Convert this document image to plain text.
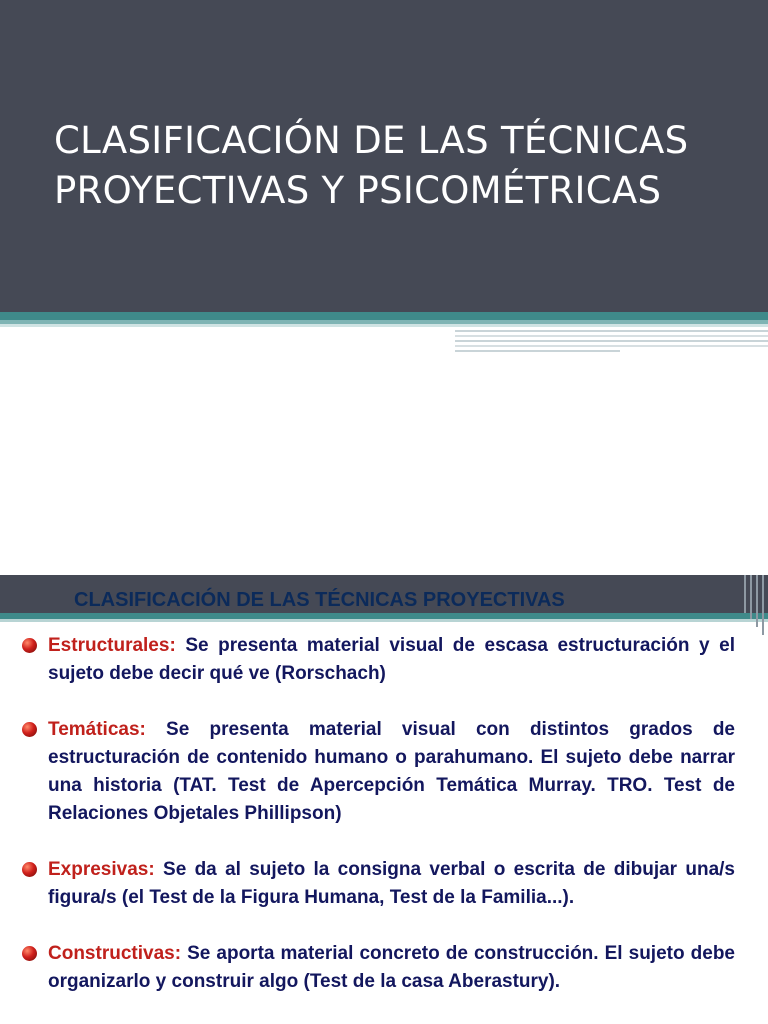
CLASIFICACIÓN DE LAS TÉCNICAS
PROYECTIVAS Y PSICOMÉTRICAS
CLASIFICACIÓN DE LAS TÉCNICAS PROYECTIVAS
Estructurales: Se presenta material visual de escasa estructuración y el sujeto debe decir qué ve (Rorschach)
Temáticas: Se presenta material visual con distintos grados de estructuración de contenido humano o parahumano. El sujeto debe narrar una historia (TAT. Test de Apercepción Temática Murray. TRO. Test de Relaciones Objetales Phillipson)
Expresivas: Se da al sujeto la consigna verbal o escrita de dibujar una/s figura/s (el Test de la Figura Humana, Test de la Familia...).
Constructivas: Se aporta material concreto de construcción. El sujeto debe organizarlo y construir algo (Test de la casa Aberastury).
